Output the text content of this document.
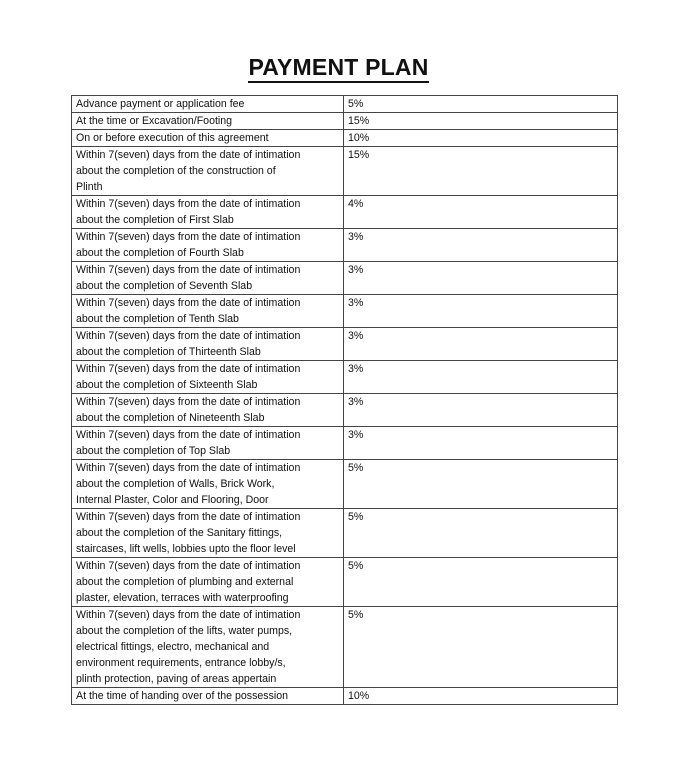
PAYMENT PLAN
Advance payment or application fee	5%

At the time or Excavation/Footing	15%

On or before execution of this agreement	10%

Within 7(seven) days from the date of intimation
about the completion of the construction of
Plinth	15%

Within 7(seven) days from the date of intimation
about the completion of First Slab	4%

Within 7(seven) days from the date of intimation
about the completion of Fourth Slab	3%

Within 7(seven) days from the date of intimation
about the completion of Seventh Slab	3%

Within 7(seven) days from the date of intimation
about the completion of Tenth Slab	3%

Within 7(seven) days from the date of intimation
about the completion of Thirteenth Slab	3%

Within 7(seven) days from the date of intimation
about the completion of Sixteenth Slab	3%

Within 7(seven) days from the date of intimation
about the completion of Nineteenth Slab	3%

Within 7(seven) days from the date of intimation
about the completion of Top Slab	3%

Within 7(seven) days from the date of intimation
about the completion of Walls, Brick Work,
Internal Plaster, Color and Flooring, Door	5%

Within 7(seven) days from the date of intimation
about the completion of the Sanitary fittings,
staircases, lift wells, lobbies upto the floor level	5%

Within 7(seven) days from the date of intimation
about the completion of plumbing and external
plaster, elevation, terraces with waterproofing	5%

Within 7(seven) days from the date of intimation
about the completion of the lifts, water pumps,
electrical fittings, electro, mechanical and
environment requirements, entrance lobby/s,
plinth protection, paving of areas appertain	5%

At the time of handing over of the possession	10%
